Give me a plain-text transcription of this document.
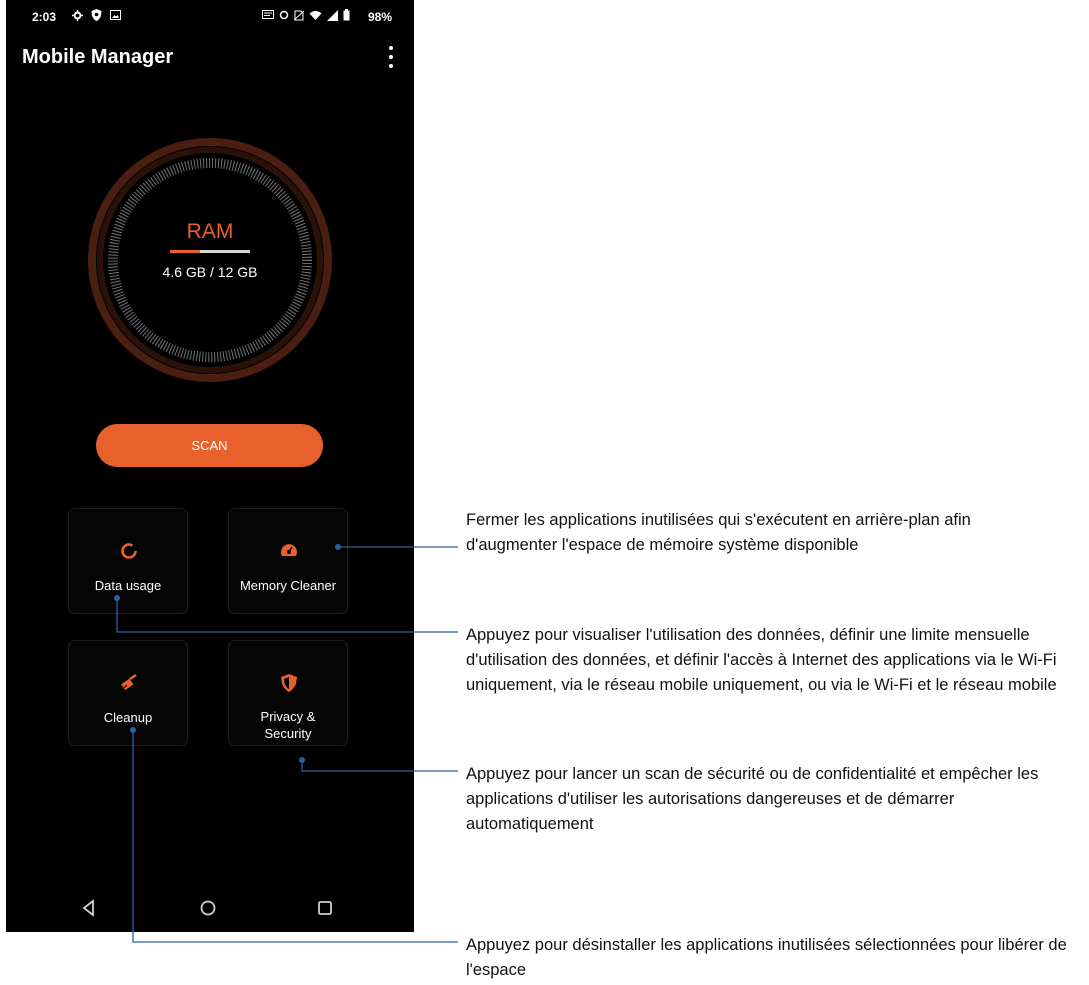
2:03	98%
Mobile Manager
RAM
4.6 GB / 12 GB
SCAN
Data usage	Memory Cleaner
Cleanup	Privacy &
Security
Fermer les applications inutilisées qui s'exécutent en arrière-plan afin d'augmenter l'espace de mémoire système disponible
Appuyez pour visualiser l'utilisation des données, définir une limite mensuelle d'utilisation des données, et définir l'accès à Internet des applications via le Wi-Fi uniquement, via le réseau mobile uniquement, ou via le Wi-Fi et le réseau mobile
Appuyez pour lancer un scan de sécurité ou de confidentialité et empêcher les applications d'utiliser les autorisations dangereuses et de démarrer automatiquement
Appuyez pour désinstaller les applications inutilisées sélectionnées pour libérer de l'espace
